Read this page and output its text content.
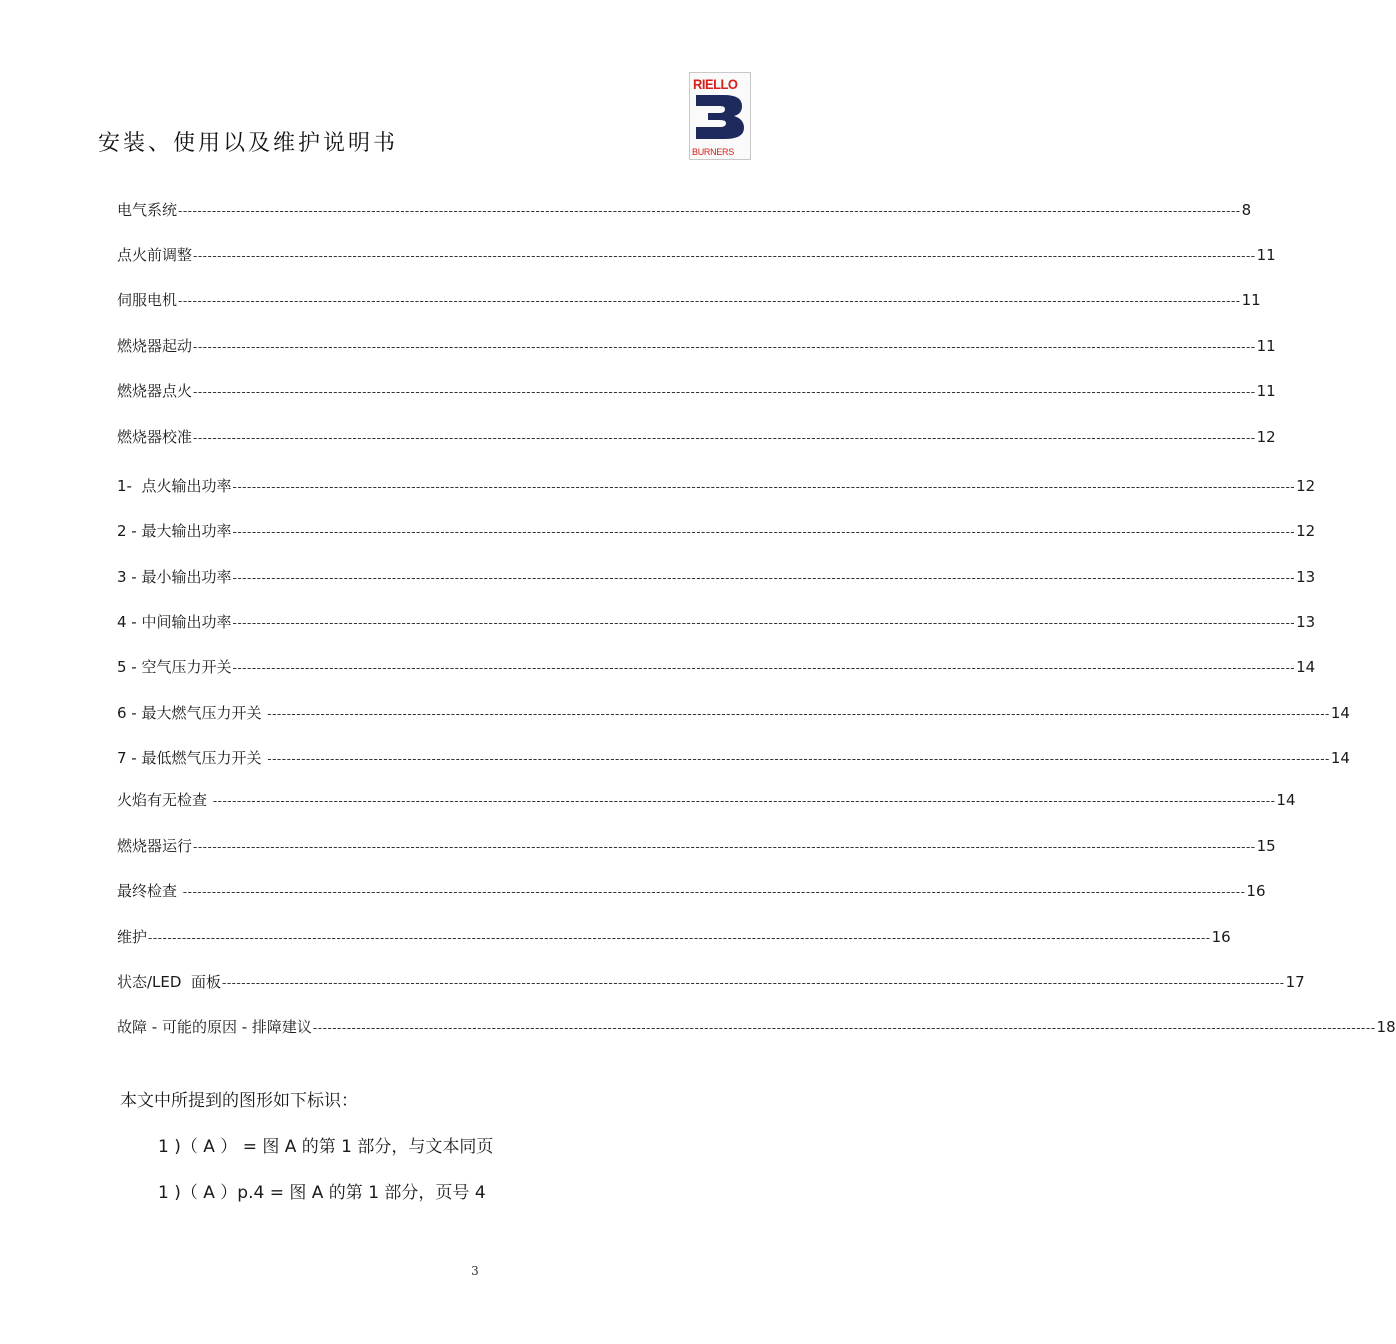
安装、使用以及维护说明书
RIELLO
BURNERS
电气系统 ---------------------------------------------------------------------------------------------------------------------------------------------------------------------------------------------------------------------------- 8
点火前调整 ---------------------------------------------------------------------------------------------------------------------------------------------------------------------------------------------------------------------------- 11
伺服电机 ---------------------------------------------------------------------------------------------------------------------------------------------------------------------------------------------------------------------------- 11
燃烧器起动 ---------------------------------------------------------------------------------------------------------------------------------------------------------------------------------------------------------------------------- 11
燃烧器点火 ---------------------------------------------------------------------------------------------------------------------------------------------------------------------------------------------------------------------------- 11
燃烧器校准 ---------------------------------------------------------------------------------------------------------------------------------------------------------------------------------------------------------------------------- 12
1-  点火输出功率 ---------------------------------------------------------------------------------------------------------------------------------------------------------------------------------------------------------------------------- 12
2 - 最大输出功率 ---------------------------------------------------------------------------------------------------------------------------------------------------------------------------------------------------------------------------- 12
3 - 最小输出功率 ---------------------------------------------------------------------------------------------------------------------------------------------------------------------------------------------------------------------------- 13
4 - 中间输出功率 ---------------------------------------------------------------------------------------------------------------------------------------------------------------------------------------------------------------------------- 13
5 - 空气压力开关 ---------------------------------------------------------------------------------------------------------------------------------------------------------------------------------------------------------------------------- 14
6 - 最大燃气压力开关 ---------------------------------------------------------------------------------------------------------------------------------------------------------------------------------------------------------------------------- 14
7 - 最低燃气压力开关 ---------------------------------------------------------------------------------------------------------------------------------------------------------------------------------------------------------------------------- 14
火焰有无检查 ---------------------------------------------------------------------------------------------------------------------------------------------------------------------------------------------------------------------------- 14
燃烧器运行 ---------------------------------------------------------------------------------------------------------------------------------------------------------------------------------------------------------------------------- 15
最终检查 ---------------------------------------------------------------------------------------------------------------------------------------------------------------------------------------------------------------------------- 16
维护 ---------------------------------------------------------------------------------------------------------------------------------------------------------------------------------------------------------------------------- 16
状态/LED  面板 ---------------------------------------------------------------------------------------------------------------------------------------------------------------------------------------------------------------------------- 17
故障 - 可能的原因 - 排障建议 ---------------------------------------------------------------------------------------------------------------------------------------------------------------------------------------------------------------------------- 18
本文中所提到的图形如下标识：
1 )（ A ） = 图 A 的第 1 部分，与文本同页
1 )（ A ）p.4 = 图 A 的第 1 部分，页号 4
3
